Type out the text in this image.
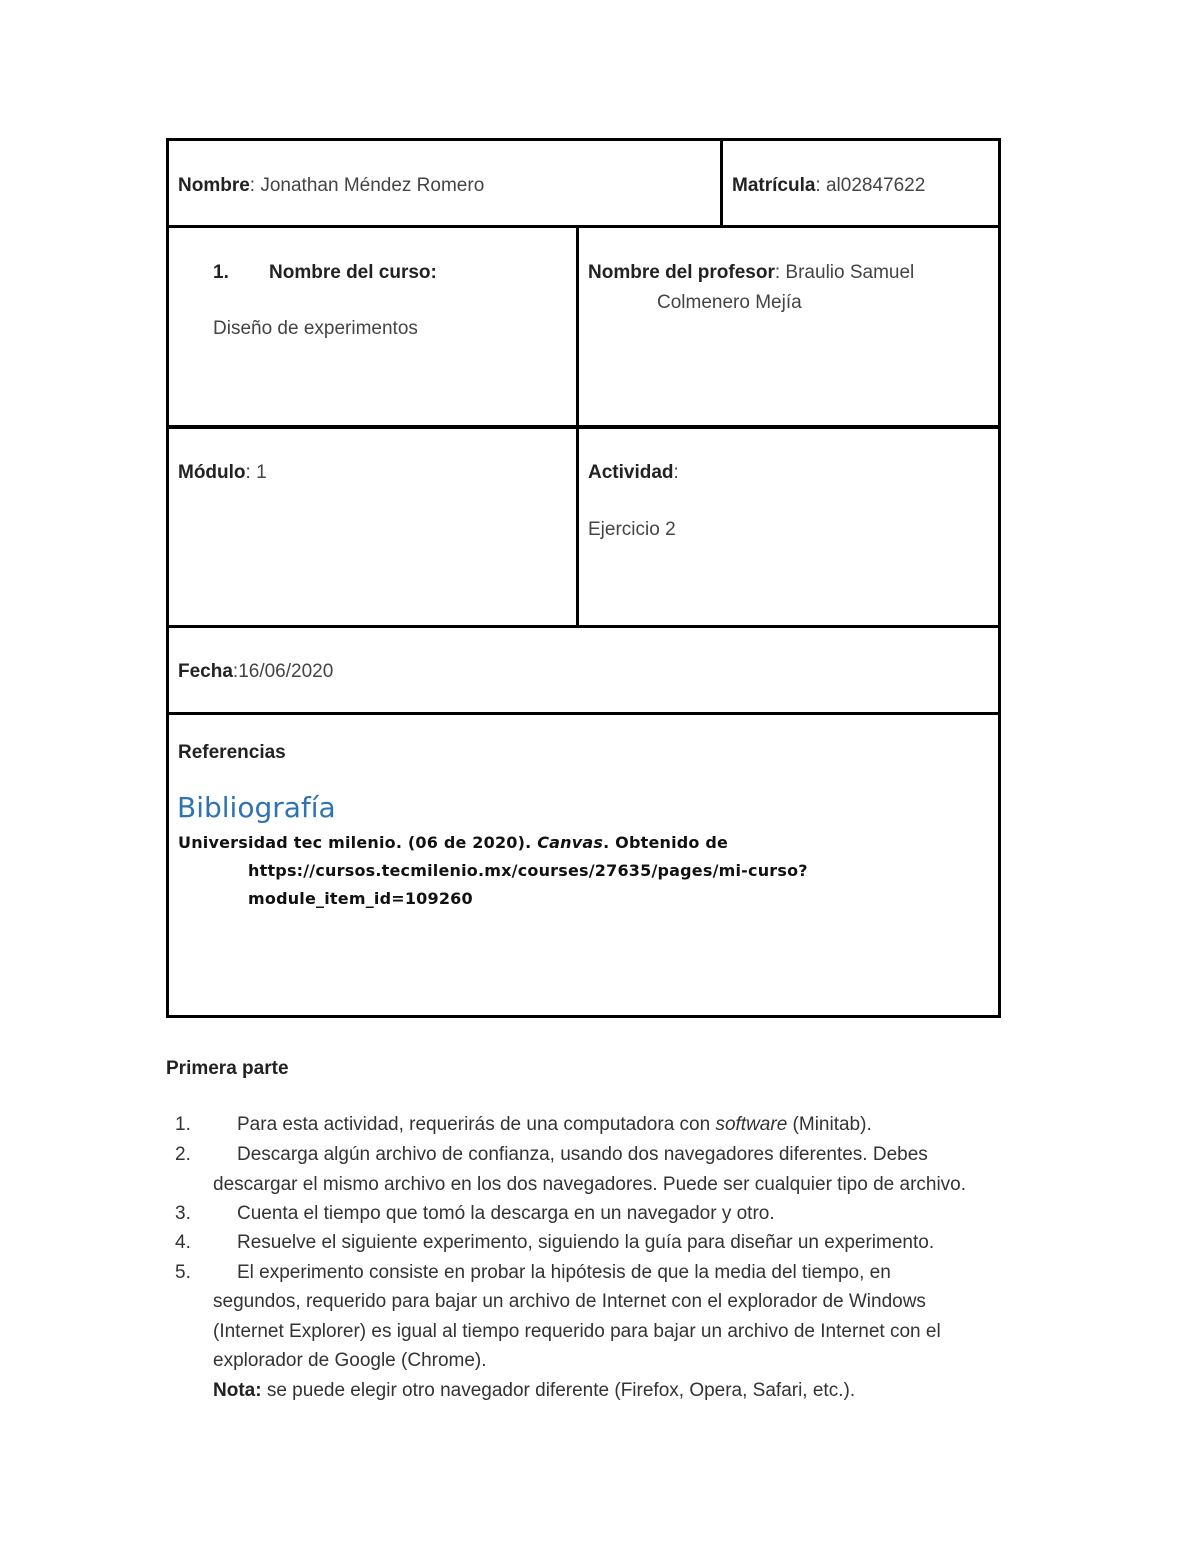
Nombre: Jonathan Méndez Romero	Matrícula: al02847622
1. Nombre del curso:
Diseño de experimentos
Nombre del profesor: Braulio Samuel
Colmenero Mejía
Módulo: 1	Actividad:
Ejercicio 2
Fecha:16/06/2020
Referencias
Bibliografía
Universidad tec milenio. (06 de 2020). Canvas. Obtenido de
https://cursos.tecmilenio.mx/courses/27635/pages/mi-curso?
module_item_id=109260
Primera parte
1. Para esta actividad, requerirás de una computadora con software (Minitab).
2. Descarga algún archivo de confianza, usando dos navegadores diferentes. Debes
descargar el mismo archivo en los dos navegadores. Puede ser cualquier tipo de archivo.
3. Cuenta el tiempo que tomó la descarga en un navegador y otro.
4. Resuelve el siguiente experimento, siguiendo la guía para diseñar un experimento.
5. El experimento consiste en probar la hipótesis de que la media del tiempo, en
segundos, requerido para bajar un archivo de Internet con el explorador de Windows
(Internet Explorer) es igual al tiempo requerido para bajar un archivo de Internet con el
explorador de Google (Chrome).
Nota: se puede elegir otro navegador diferente (Firefox, Opera, Safari, etc.).
